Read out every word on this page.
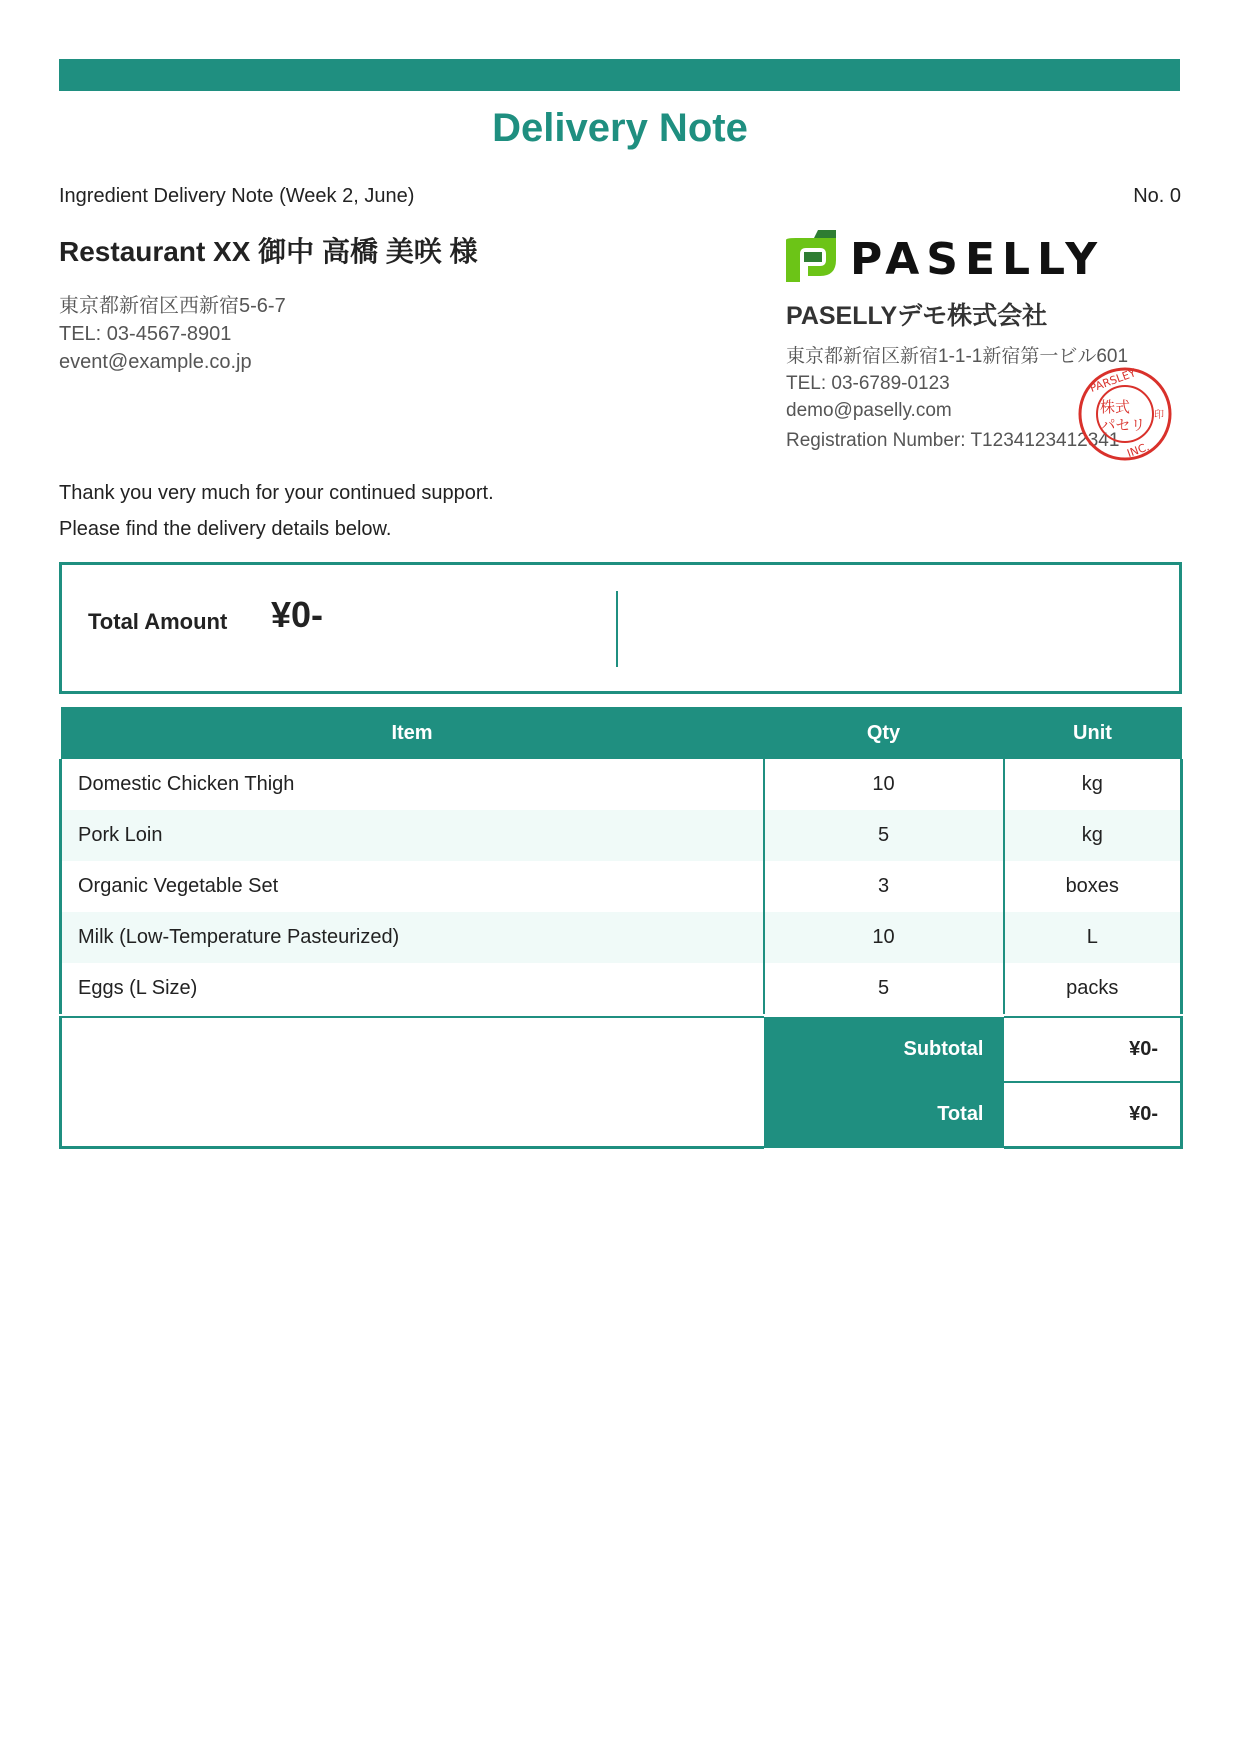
Delivery Note
Ingredient Delivery Note (Week 2, June)	No. 0
Restaurant XX 御中 高橋 美咲 様
東京都新宿区西新宿5-6-7
TEL: 03-4567-8901
event@example.co.jp
PASELLY
PASELLYデモ株式会社
東京都新宿区新宿1-1-1新宿第一ビル601
TEL: 03-6789-0123
demo@paselly.com
Registration Number: T1234123412341
PARSLEY
INC.
株式
パセリ
印
Thank you very much for your continued support.
Please find the delivery details below.
Total Amount ¥0-
Item	Qty	Unit
Domestic Chicken Thigh	10	kg
Pork Loin	5	kg
Organic Vegetable Set	3	boxes
Milk (Low-Temperature Pasteurized)	10	L
Eggs (L Size)	5	packs
	Subtotal	¥0-
	Total	¥0-
